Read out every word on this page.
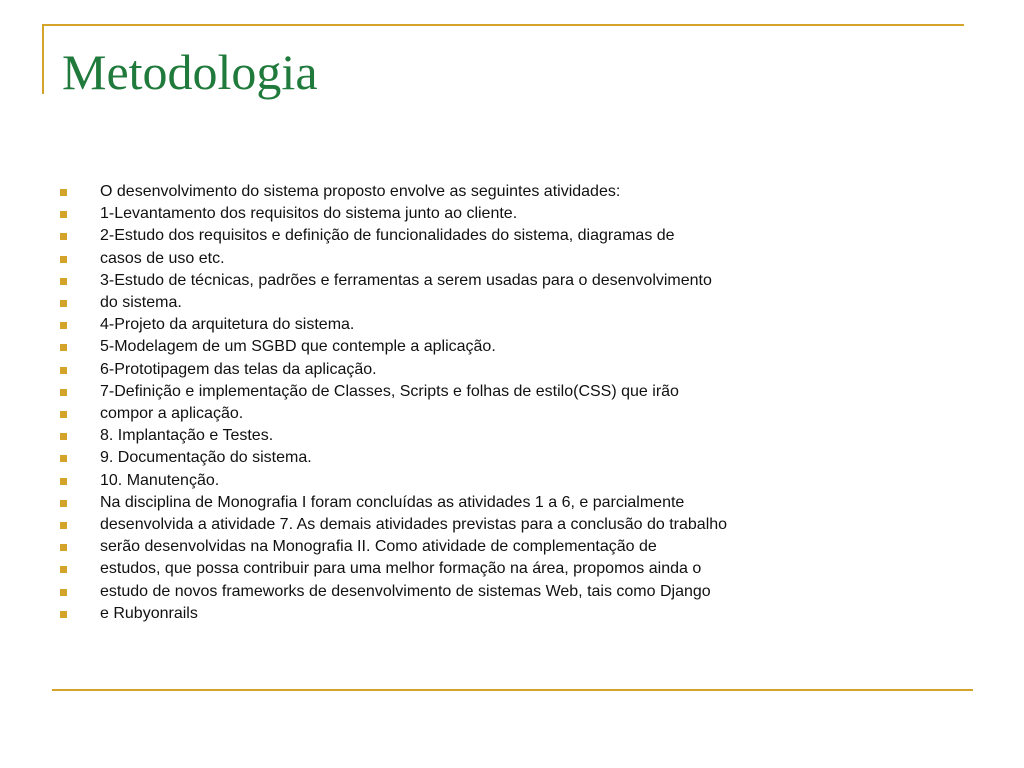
Metodologia
O desenvolvimento do sistema proposto envolve as seguintes atividades:
1-Levantamento dos requisitos do sistema junto ao cliente.
2-Estudo dos requisitos e definição de funcionalidades do sistema, diagramas de
casos de uso etc.
3-Estudo de técnicas, padrões e ferramentas a serem usadas para o desenvolvimento
do sistema.
4-Projeto da arquitetura do sistema.
5-Modelagem de um SGBD que contemple a aplicação.
6-Prototipagem das telas da aplicação.
7-Definição e implementação de Classes, Scripts e folhas de estilo(CSS) que irão
compor a aplicação.
8. Implantação e Testes.
9. Documentação do sistema.
10. Manutenção.
Na disciplina de Monografia I foram concluídas as atividades 1 a 6, e parcialmente
desenvolvida a atividade 7. As demais atividades previstas para a conclusão do trabalho
serão desenvolvidas na Monografia II. Como atividade de complementação de
estudos, que possa contribuir para uma melhor formação na área, propomos ainda o
estudo de novos frameworks de desenvolvimento de sistemas Web, tais como Django
e Rubyonrails
